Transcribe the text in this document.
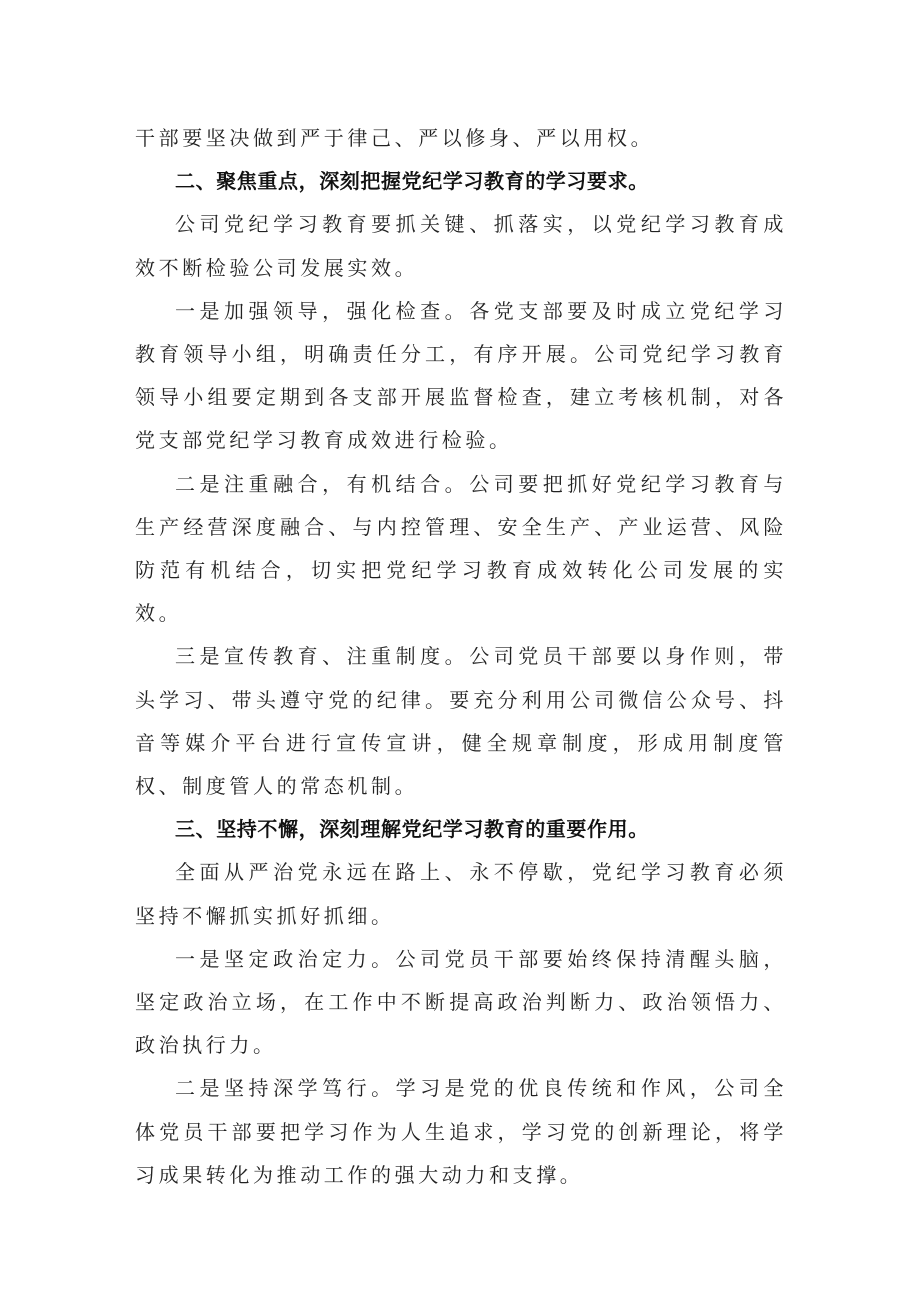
干部要坚决做到严于律己、严以修身、严以用权。

二、聚焦重点，深刻把握党纪学习教育的学习要求。

公司党纪学习教育要抓关键、抓落实，以党纪学习教育成效不断检验公司发展实效。

一是加强领导，强化检查。各党支部要及时成立党纪学习教育领导小组，明确责任分工，有序开展。公司党纪学习教育领导小组要定期到各支部开展监督检查，建立考核机制，对各党支部党纪学习教育成效进行检验。

二是注重融合，有机结合。公司要把抓好党纪学习教育与生产经营深度融合、与内控管理、安全生产、产业运营、风险防范有机结合，切实把党纪学习教育成效转化公司发展的实效。

三是宣传教育、注重制度。公司党员干部要以身作则，带头学习、带头遵守党的纪律。要充分利用公司微信公众号、抖音等媒介平台进行宣传宣讲，健全规章制度，形成用制度管权、制度管人的常态机制。

三、坚持不懈，深刻理解党纪学习教育的重要作用。

全面从严治党永远在路上、永不停歇，党纪学习教育必须坚持不懈抓实抓好抓细。

一是坚定政治定力。公司党员干部要始终保持清醒头脑，坚定政治立场，在工作中不断提高政治判断力、政治领悟力、政治执行力。

二是坚持深学笃行。学习是党的优良传统和作风，公司全体党员干部要把学习作为人生追求，学习党的创新理论，将学习成果转化为推动工作的强大动力和支撑。
